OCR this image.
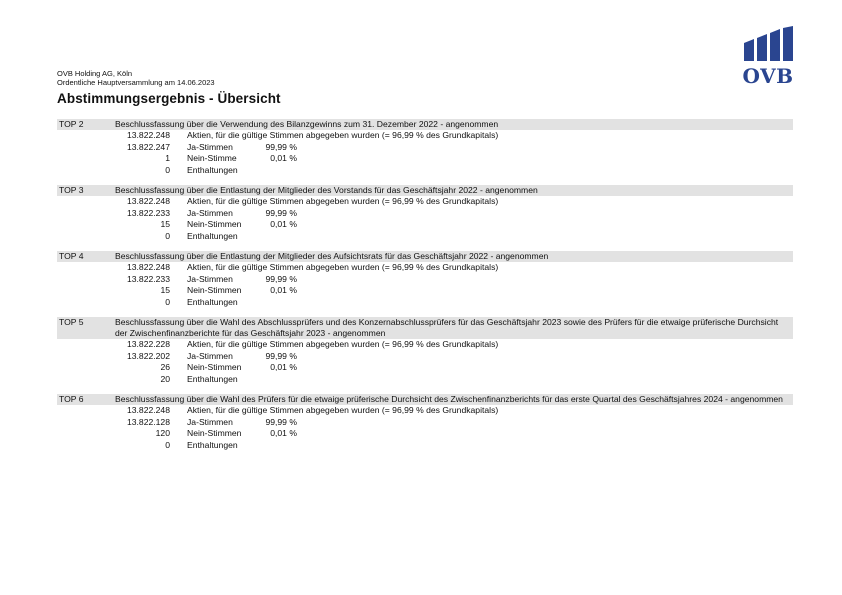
OVB Holding AG, Köln
Ordentliche Hauptversammlung am 14.06.2023
Abstimmungsergebnis - Übersicht
OVB
TOP 2	Beschlussfassung über die Verwendung des Bilanzgewinns zum 31. Dezember 2022 - angenommen
13.822.248 Aktien, für die gültige Stimmen abgegeben wurden (= 96,99 % des Grundkapitals)
13.822.247 Ja-Stimmen	99,99 %
1 Nein-Stimme	0,01 %
0 Enthaltungen
TOP 3	Beschlussfassung über die Entlastung der Mitglieder des Vorstands für das Geschäftsjahr 2022 - angenommen
13.822.248 Aktien, für die gültige Stimmen abgegeben wurden (= 96,99 % des Grundkapitals)
13.822.233 Ja-Stimmen	99,99 %
15 Nein-Stimmen	0,01 %
0 Enthaltungen
TOP 4	Beschlussfassung über die Entlastung der Mitglieder des Aufsichtsrats für das Geschäftsjahr 2022 - angenommen
13.822.248 Aktien, für die gültige Stimmen abgegeben wurden (= 96,99 % des Grundkapitals)
13.822.233 Ja-Stimmen	99,99 %
15 Nein-Stimmen	0,01 %
0 Enthaltungen
TOP 5	Beschlussfassung über die Wahl des Abschlussprüfers und des Konzernabschlussprüfers für das Geschäftsjahr 2023 sowie des Prüfers für die etwaige prüferische Durchsicht der Zwischenfinanzberichte für das Geschäftsjahr 2023 - angenommen
13.822.228 Aktien, für die gültige Stimmen abgegeben wurden (= 96,99 % des Grundkapitals)
13.822.202 Ja-Stimmen	99,99 %
26 Nein-Stimmen	0,01 %
20 Enthaltungen
TOP 6	Beschlussfassung über die Wahl des Prüfers für die etwaige prüferische Durchsicht des Zwischenfinanzberichts für das erste Quartal des Geschäftsjahres 2024 - angenommen
13.822.248 Aktien, für die gültige Stimmen abgegeben wurden (= 96,99 % des Grundkapitals)
13.822.128 Ja-Stimmen	99,99 %
120 Nein-Stimmen	0,01 %
0 Enthaltungen
